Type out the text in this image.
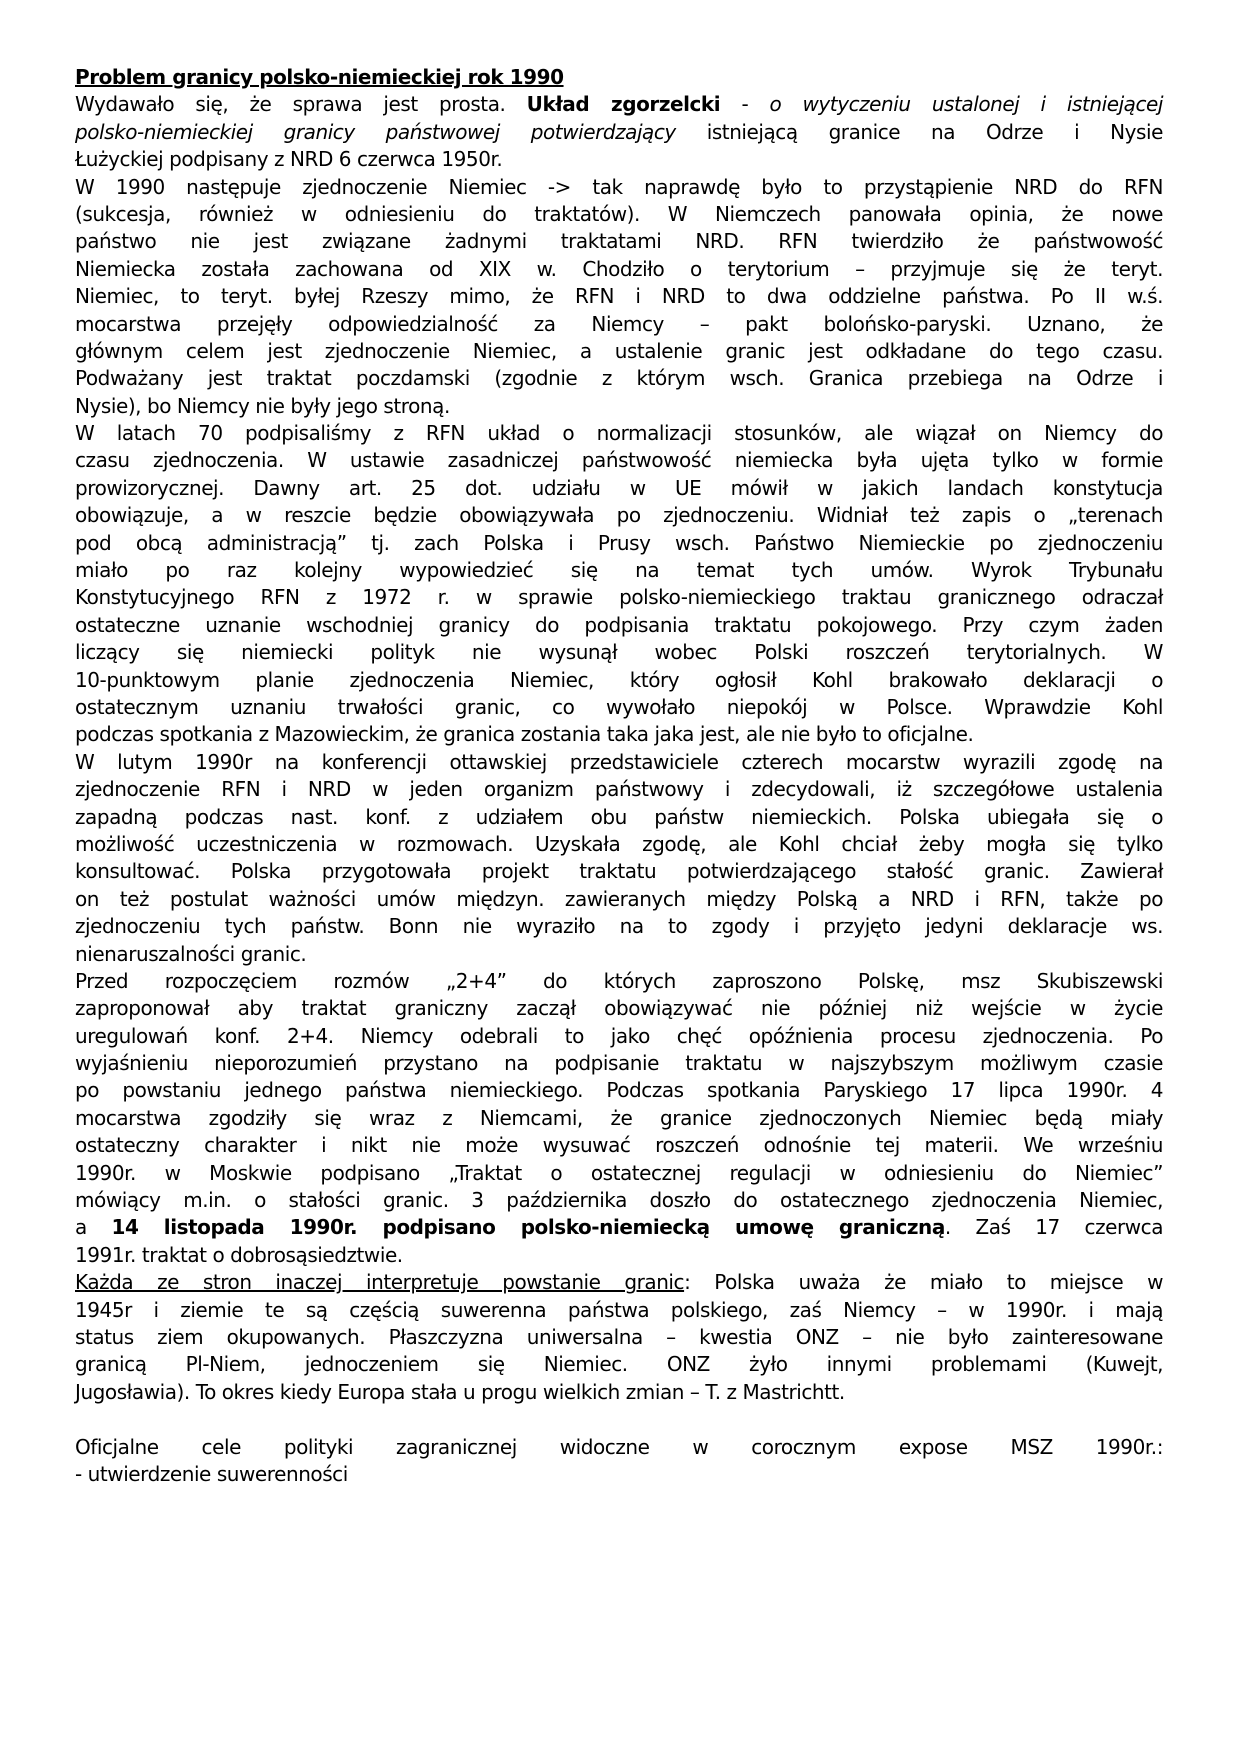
Problem granicy polsko-niemieckiej rok 1990
Wydawało się, że sprawa jest prosta. Układ zgorzelcki - o wytyczeniu ustalonej i istniejącej
polsko-niemieckiej granicy państwowej potwierdzający istniejącą granice na Odrze i Nysie
Łużyckiej podpisany z NRD 6 czerwca 1950r.
W 1990 następuje zjednoczenie Niemiec -> tak naprawdę było to przystąpienie NRD do RFN
(sukcesja, również w odniesieniu do traktatów). W Niemczech panowała opinia, że nowe
państwo nie jest związane żadnymi traktatami NRD. RFN twierdziło że państwowość
Niemiecka została zachowana od XIX w. Chodziło o terytorium – przyjmuje się że teryt.
Niemiec, to teryt. byłej Rzeszy mimo, że RFN i NRD to dwa oddzielne państwa. Po II w.ś.
mocarstwa przejęły odpowiedzialność za Niemcy – pakt bolońsko-paryski. Uznano, że
głównym celem jest zjednoczenie Niemiec, a ustalenie granic jest odkładane do tego czasu.
Podważany jest traktat poczdamski (zgodnie z którym wsch. Granica przebiega na Odrze i
Nysie), bo Niemcy nie były jego stroną.
W latach 70 podpisaliśmy z RFN układ o normalizacji stosunków, ale wiązał on Niemcy do
czasu zjednoczenia. W ustawie zasadniczej państwowość niemiecka była ujęta tylko w formie
prowizorycznej. Dawny art. 25 dot. udziału w UE mówił w jakich landach konstytucja
obowiązuje, a w reszcie będzie obowiązywała po zjednoczeniu. Widniał też zapis o „terenach
pod obcą administracją” tj. zach Polska i Prusy wsch. Państwo Niemieckie po zjednoczeniu
miało po raz kolejny wypowiedzieć się na temat tych umów. Wyrok Trybunału
Konstytucyjnego RFN z 1972 r. w sprawie polsko-niemieckiego traktau granicznego odraczał
ostateczne uznanie wschodniej granicy do podpisania traktatu pokojowego. Przy czym żaden
liczący się niemiecki polityk nie wysunął wobec Polski roszczeń terytorialnych. W
10-punktowym planie zjednoczenia Niemiec, który ogłosił Kohl brakowało deklaracji o
ostatecznym uznaniu trwałości granic, co wywołało niepokój w Polsce. Wprawdzie Kohl
podczas spotkania z Mazowieckim, że granica zostania taka jaka jest, ale nie było to oficjalne.
W lutym 1990r na konferencji ottawskiej przedstawiciele czterech mocarstw wyrazili zgodę na
zjednoczenie RFN i NRD w jeden organizm państwowy i zdecydowali, iż szczegółowe ustalenia
zapadną podczas nast. konf. z udziałem obu państw niemieckich. Polska ubiegała się o
możliwość uczestniczenia w rozmowach. Uzyskała zgodę, ale Kohl chciał żeby mogła się tylko
konsultować. Polska przygotowała projekt traktatu potwierdzającego stałość granic. Zawierał
on też postulat ważności umów międzyn. zawieranych między Polską a NRD i RFN, także po
zjednoczeniu tych państw. Bonn nie wyraziło na to zgody i przyjęto jedyni deklaracje ws.
nienaruszalności granic.
Przed rozpoczęciem rozmów „2+4” do których zaproszono Polskę, msz Skubiszewski
zaproponował aby traktat graniczny zaczął obowiązywać nie później niż wejście w życie
uregulowań konf. 2+4. Niemcy odebrali to jako chęć opóźnienia procesu zjednoczenia. Po
wyjaśnieniu nieporozumień przystano na podpisanie traktatu w najszybszym możliwym czasie
po powstaniu jednego państwa niemieckiego. Podczas spotkania Paryskiego 17 lipca 1990r. 4
mocarstwa zgodziły się wraz z Niemcami, że granice zjednoczonych Niemiec będą miały
ostateczny charakter i nikt nie może wysuwać roszczeń odnośnie tej materii. We wrześniu
1990r. w Moskwie podpisano „Traktat o ostatecznej regulacji w odniesieniu do Niemiec”
mówiący m.in. o stałości granic. 3 października doszło do ostatecznego zjednoczenia Niemiec,
a 14 listopada 1990r. podpisano polsko-niemiecką umowę graniczną. Zaś 17 czerwca
1991r. traktat o dobrosąsiedztwie.
Każda ze stron inaczej interpretuje powstanie granic: Polska uważa że miało to miejsce w
1945r i ziemie te są częścią suwerenna państwa polskiego, zaś Niemcy – w 1990r. i mają
status ziem okupowanych. Płaszczyzna uniwersalna – kwestia ONZ – nie było zainteresowane
granicą Pl-Niem, jednoczeniem się Niemiec. ONZ żyło innymi problemami (Kuwejt,
Jugosławia). To okres kiedy Europa stała u progu wielkich zmian – T. z Mastrichtt.
Oficjalne cele polityki zagranicznej widoczne w corocznym expose MSZ 1990r.:
- utwierdzenie suwerenności
